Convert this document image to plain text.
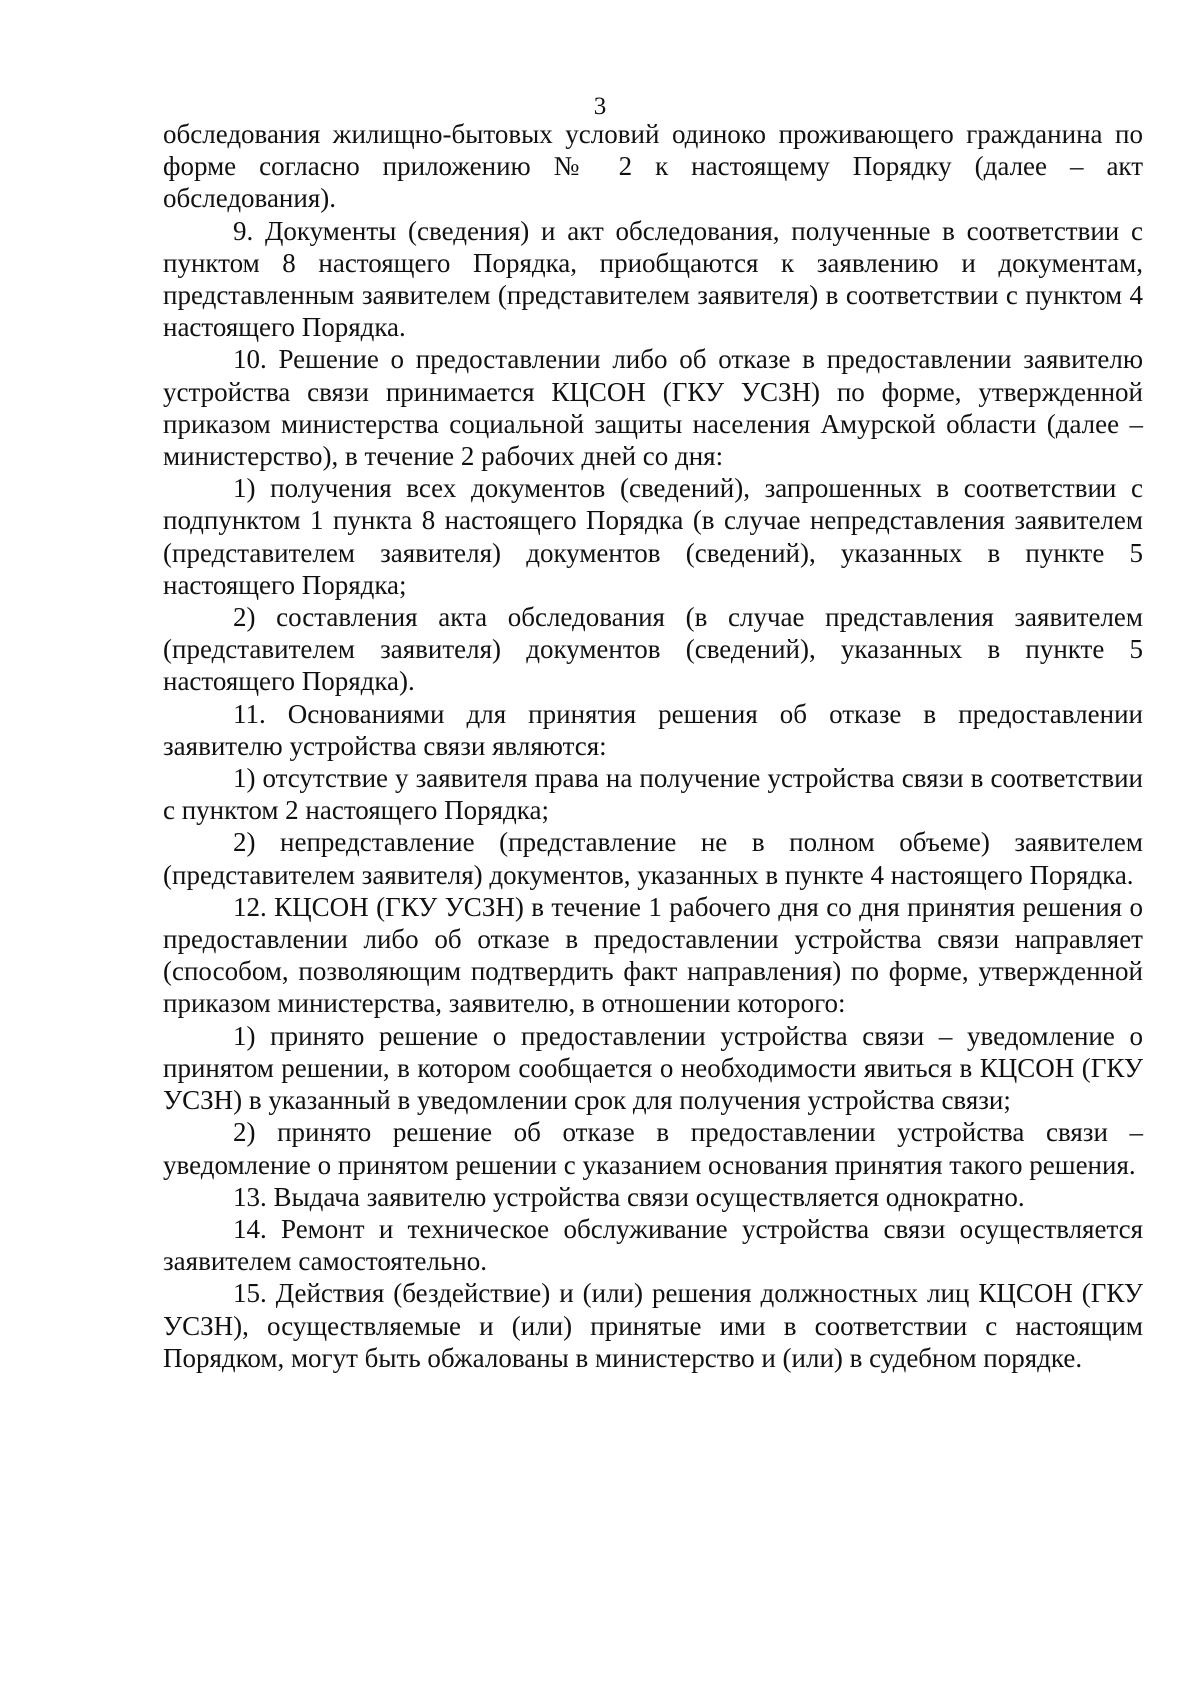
3

обследования жилищно-бытовых условий одиноко проживающего гражданина по форме согласно приложению № 2 к настоящему Порядку (далее – акт обследования).

9. Документы (сведения) и акт обследования, полученные в соответствии с пунктом 8 настоящего Порядка, приобщаются к заявлению и документам, представленным заявителем (представителем заявителя) в соответствии с пунктом 4 настоящего Порядка.

10. Решение о предоставлении либо об отказе в предоставлении заявителю устройства связи принимается КЦСОН (ГКУ УСЗН) по форме, утвержденной приказом министерства социальной защиты населения Амурской области (далее – министерство), в течение 2 рабочих дней со дня:

1) получения всех документов (сведений), запрошенных в соответствии с подпунктом 1 пункта 8 настоящего Порядка (в случае непредставления заявителем (представителем заявителя) документов (сведений), указанных в пункте 5 настоящего Порядка;

2) составления акта обследования (в случае представления заявителем (представителем заявителя) документов (сведений), указанных в пункте 5 настоящего Порядка).

11. Основаниями для принятия решения об отказе в предоставлении заявителю устройства связи являются:

1) отсутствие у заявителя права на получение устройства связи в соответствии с пунктом 2 настоящего Порядка;

2) непредставление (представление не в полном объеме) заявителем (представителем заявителя) документов, указанных в пункте 4 настоящего Порядка.

12. КЦСОН (ГКУ УСЗН) в течение 1 рабочего дня со дня принятия решения о предоставлении либо об отказе в предоставлении устройства связи направляет (способом, позволяющим подтвердить факт направления) по форме, утвержденной приказом министерства, заявителю, в отношении которого:

1) принято решение о предоставлении устройства связи – уведомление о принятом решении, в котором сообщается о необходимости явиться в КЦСОН (ГКУ УСЗН) в указанный в уведомлении срок для получения устройства связи;

2) принято решение об отказе в предоставлении устройства связи – уведомление о принятом решении с указанием основания принятия такого решения.

13. Выдача заявителю устройства связи осуществляется однократно.

14. Ремонт и техническое обслуживание устройства связи осуществляется заявителем самостоятельно.

15. Действия (бездействие) и (или) решения должностных лиц КЦСОН (ГКУ УСЗН), осуществляемые и (или) принятые ими в соответствии с настоящим Порядком, могут быть обжалованы в министерство и (или) в судебном порядке.
